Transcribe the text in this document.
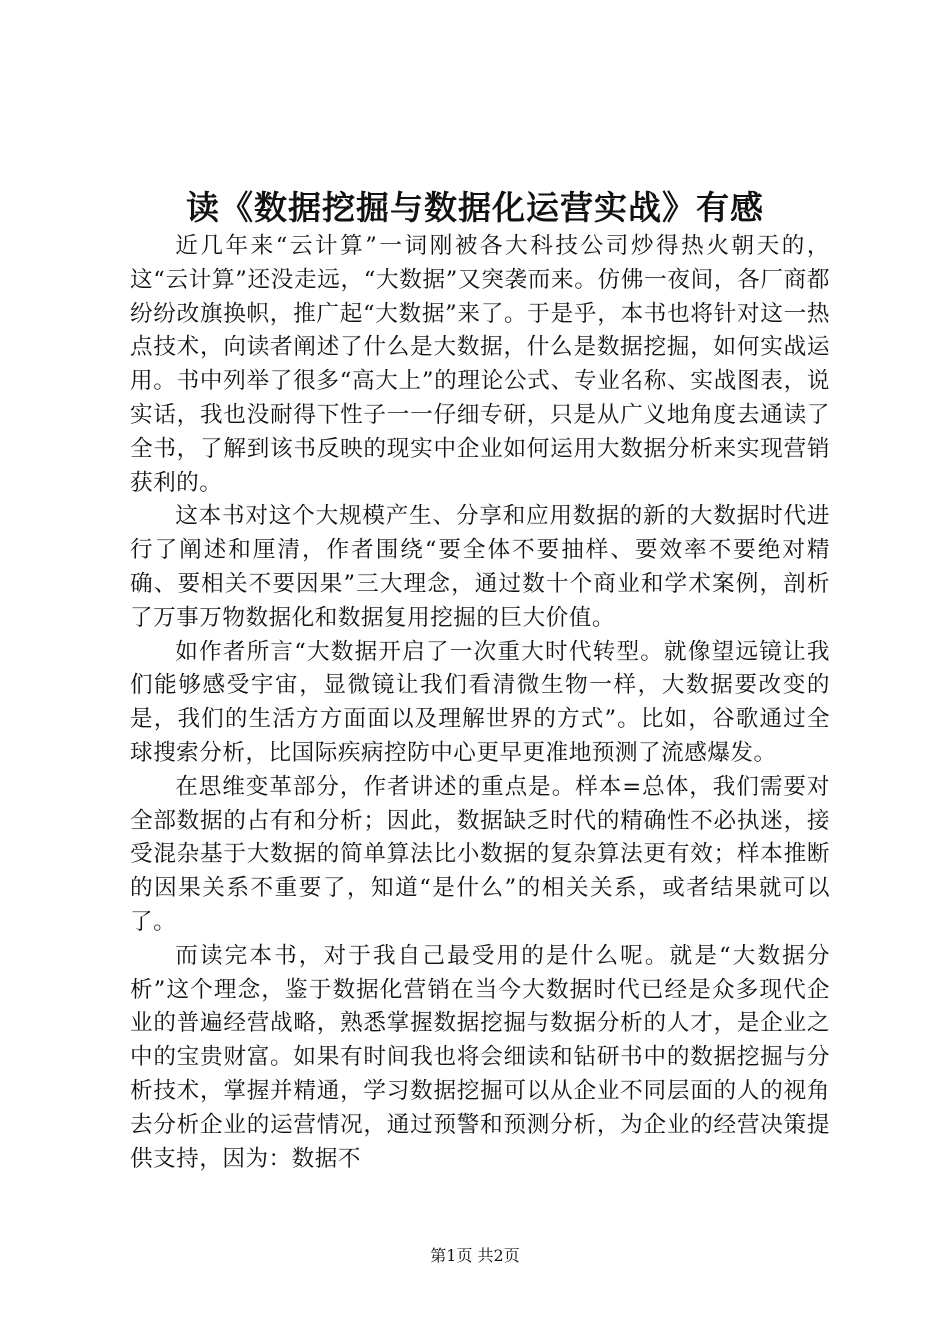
读《数据挖掘与数据化运营实战》有感

近几年来“云计算”一词刚被各大科技公司炒得热火朝天的，这“云计算”还没走远，“大数据”又突袭而来。仿佛一夜间，各厂商都纷纷改旗换帜，推广起“大数据”来了。于是乎，本书也将针对这一热点技术，向读者阐述了什么是大数据，什么是数据挖掘，如何实战运用。书中列举了很多“高大上”的理论公式、专业名称、实战图表，说实话，我也没耐得下性子一一仔细专研，只是从广义地角度去通读了全书，了解到该书反映的现实中企业如何运用大数据分析来实现营销获利的。

这本书对这个大规模产生、分享和应用数据的新的大数据时代进行了阐述和厘清，作者围绕“要全体不要抽样、要效率不要绝对精确、要相关不要因果”三大理念，通过数十个商业和学术案例，剖析了万事万物数据化和数据复用挖掘的巨大价值。

如作者所言“大数据开启了一次重大时代转型。就像望远镜让我们能够感受宇宙，显微镜让我们看清微生物一样，大数据要改变的是，我们的生活方方面面以及理解世界的方式”。比如，谷歌通过全球搜索分析，比国际疾病控防中心更早更准地预测了流感爆发。

在思维变革部分，作者讲述的重点是。样本=总体，我们需要对全部数据的占有和分析；因此，数据缺乏时代的精确性不必执迷，接受混杂基于大数据的简单算法比小数据的复杂算法更有效；样本推断的因果关系不重要了，知道“是什么”的相关关系，或者结果就可以了。

而读完本书，对于我自己最受用的是什么呢。就是“大数据分析”这个理念，鉴于数据化营销在当今大数据时代已经是众多现代企业的普遍经营战略，熟悉掌握数据挖掘与数据分析的人才，是企业之中的宝贵财富。如果有时间我也将会细读和钻研书中的数据挖掘与分析技术，掌握并精通，学习数据挖掘可以从企业不同层面的人的视角去分析企业的运营情况，通过预警和预测分析，为企业的经营决策提供支持，因为：数据不

第1页 共2页
